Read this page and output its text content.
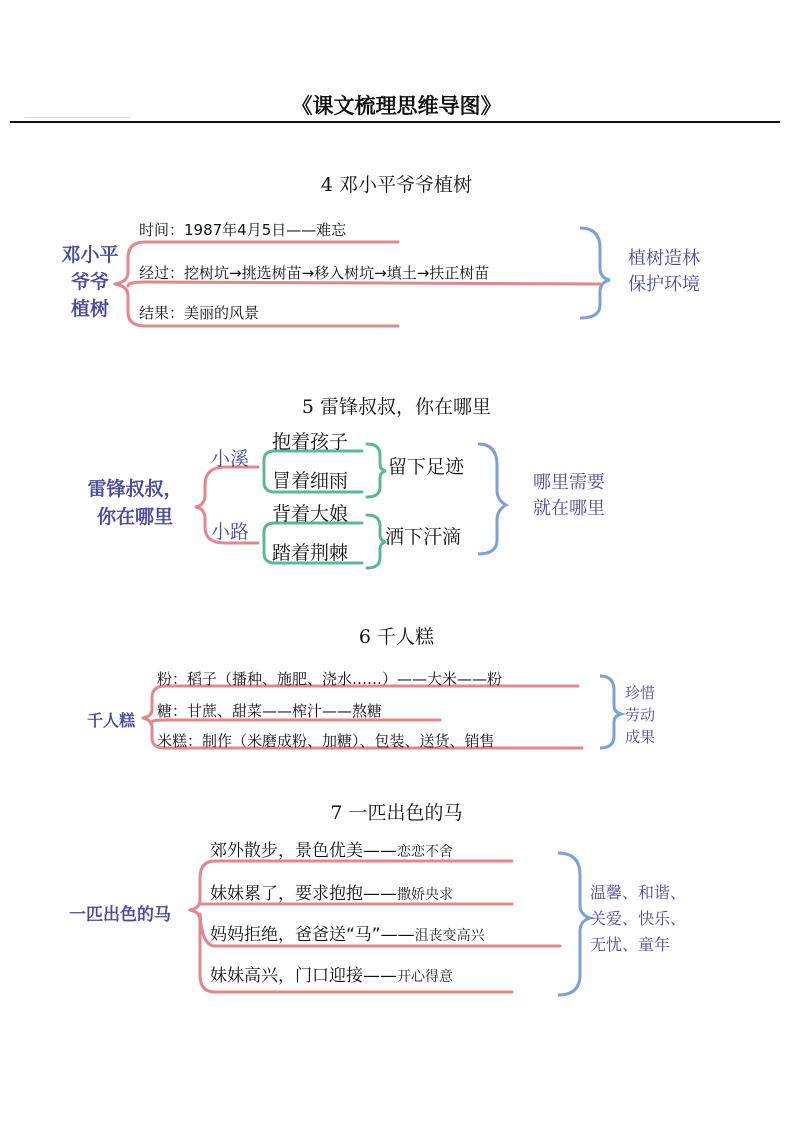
《课文梳理思维导图》
4 邓小平爷爷植树
邓小平
爷爷
植树
时间：1987年4月5日——难忘
经过：挖树坑→挑选树苗→移入树坑→填土→扶正树苗
结果：美丽的风景
植树造林
保护环境
5 雷锋叔叔，你在哪里
雷锋叔叔，
你在哪里
小溪
小路
抱着孩子
冒着细雨
背着大娘
踏着荆棘
留下足迹
洒下汗滴
哪里需要
就在哪里
6 千人糕
千人糕
粉：稻子（播种、施肥、浇水……）——大米——粉
糖：甘蔗、甜菜——榨汁——熬糖
米糕：制作（米磨成粉、加糖）、包装、送货、销售
珍惜
劳动
成果
7 一匹出色的马
一匹出色的马
郊外散步，景色优美——恋恋不舍
妹妹累了，要求抱抱——撒娇央求
妈妈拒绝，爸爸送“马”——沮丧变高兴
妹妹高兴，门口迎接——开心得意
温馨、和谐、
关爱、快乐、
无忧、童年
